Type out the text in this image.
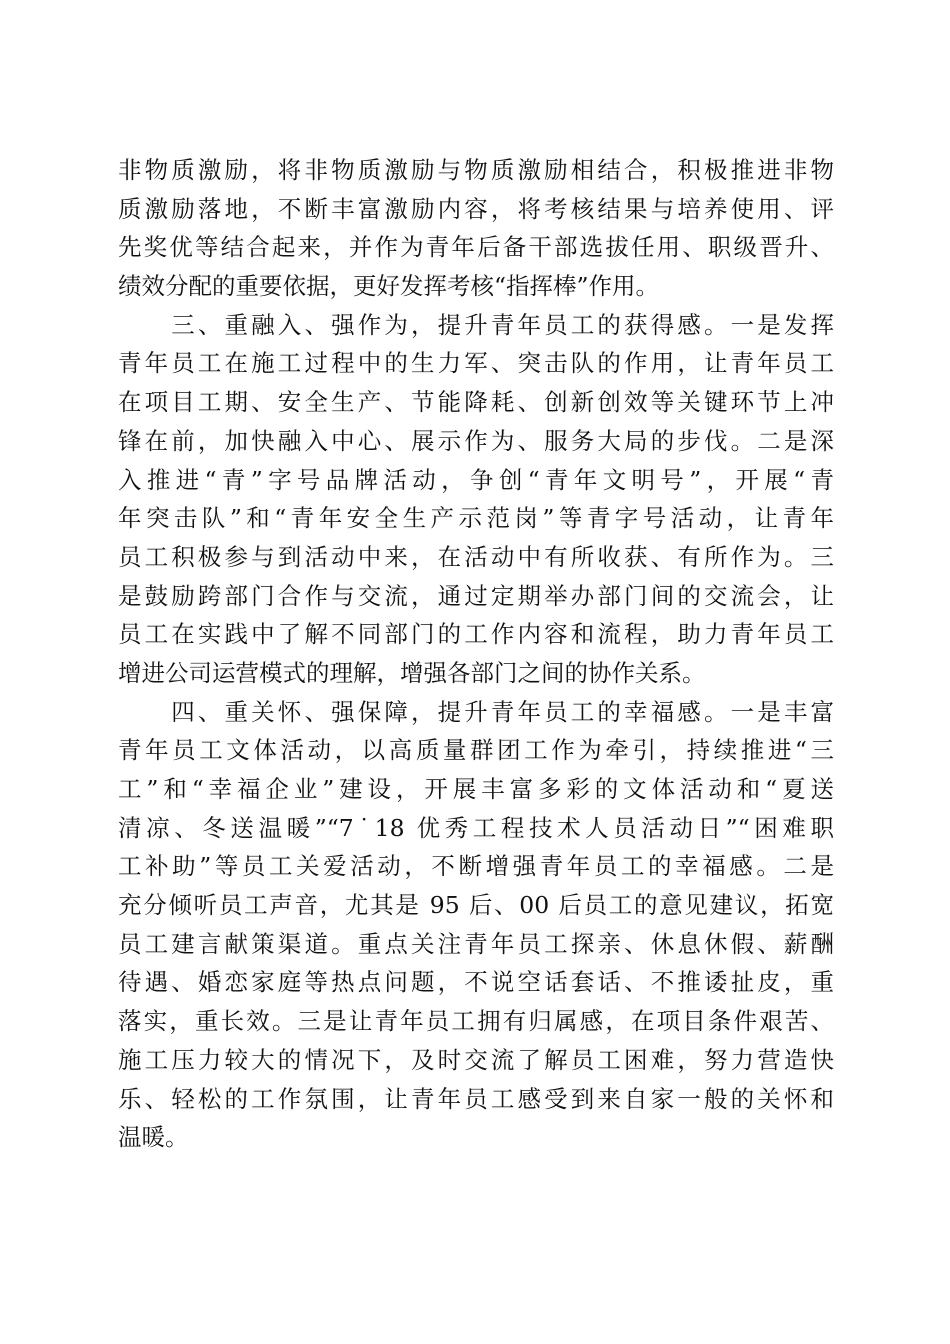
非物质激励，将非物质激励与物质激励相结合，积极推进非物
质激励落地，不断丰富激励内容，将考核结果与培养使用、评
先奖优等结合起来，并作为青年后备干部选拔任用、职级晋升、
绩效分配的重要依据，更好发挥考核“指挥棒”作用。
　　三、重融入、强作为，提升青年员工的获得感。一是发挥
青年员工在施工过程中的生力军、突击队的作用，让青年员工
在项目工期、安全生产、节能降耗、创新创效等关键环节上冲
锋在前，加快融入中心、展示作为、服务大局的步伐。二是深
入推进“青”字号品牌活动，争创“青年文明号”，开展“青
年突击队”和“青年安全生产示范岗”等青字号活动，让青年
员工积极参与到活动中来，在活动中有所收获、有所作为。三
是鼓励跨部门合作与交流，通过定期举办部门间的交流会，让
员工在实践中了解不同部门的工作内容和流程，助力青年员工
增进公司运营模式的理解，增强各部门之间的协作关系。
　　四、重关怀、强保障，提升青年员工的幸福感。一是丰富
青年员工文体活动，以高质量群团工作为牵引，持续推进“三
工”和“幸福企业”建设，开展丰富多彩的文体活动和“夏送
清凉、冬送温暖”“7˙18 优秀工程技术人员活动日”“困难职
工补助”等员工关爱活动，不断增强青年员工的幸福感。二是
充分倾听员工声音，尤其是 95 后、00 后员工的意见建议，拓宽
员工建言献策渠道。重点关注青年员工探亲、休息休假、薪酬
待遇、婚恋家庭等热点问题，不说空话套话、不推诿扯皮，重
落实，重长效。三是让青年员工拥有归属感，在项目条件艰苦、
施工压力较大的情况下，及时交流了解员工困难，努力营造快
乐、轻松的工作氛围，让青年员工感受到来自家一般的关怀和
温暖。
